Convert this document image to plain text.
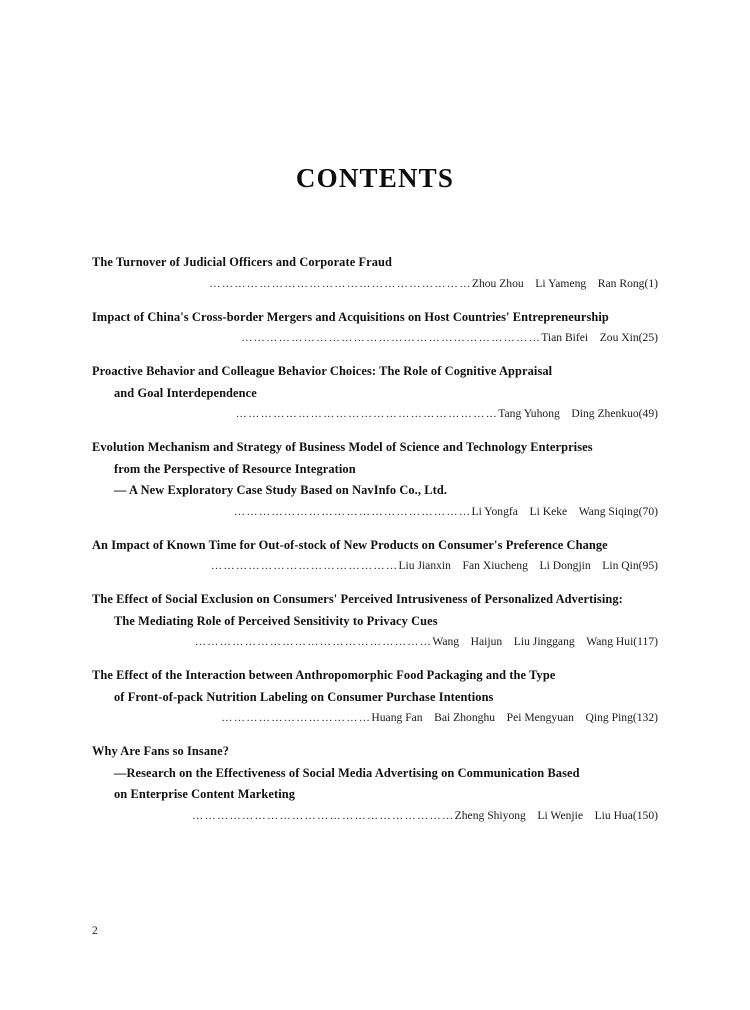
CONTENTS
The Turnover of Judicial Officers and Corporate Fraud
………………………………………………………Zhou Zhou　Li Yameng　Ran Rong(1)
Impact of China's Cross-border Mergers and Acquisitions on Host Countries' Entrepreneurship
………………………………………………………………Tian Bifei　Zou Xin(25)
Proactive Behavior and Colleague Behavior Choices: The Role of Cognitive Appraisal
and Goal Interdependence
………………………………………………………Tang Yuhong　Ding Zhenkuo(49)
Evolution Mechanism and Strategy of Business Model of Science and Technology Enterprises
from the Perspective of Resource Integration
— A New Exploratory Case Study Based on NavInfo Co., Ltd.
…………………………………………………Li Yongfa　Li Keke　Wang Siqing(70)
An Impact of Known Time for Out-of-stock of New Products on Consumer's Preference Change
………………………………………Liu Jianxin　Fan Xiucheng　Li Dongjin　Lin Qin(95)
The Effect of Social Exclusion on Consumers' Perceived Intrusiveness of Personalized Advertising:
The Mediating Role of Perceived Sensitivity to Privacy Cues
…………………………………………………Wang　Haijun　Liu Jinggang　Wang Hui(117)
The Effect of the Interaction between Anthropomorphic Food Packaging and the Type
of Front-of-pack Nutrition Labeling on Consumer Purchase Intentions
………………………………Huang Fan　Bai Zhonghu　Pei Mengyuan　Qing Ping(132)
Why Are Fans so Insane?
—Research on the Effectiveness of Social Media Advertising on Communication Based
on Enterprise Content Marketing
………………………………………………………Zheng Shiyong　Li Wenjie　Liu Hua(150)
2
